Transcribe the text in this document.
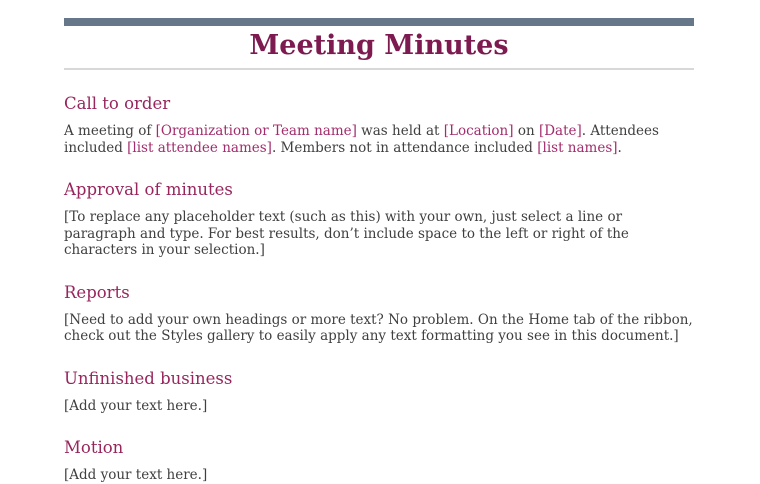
Meeting Minutes
Call to order

A meeting of [Organization or Team name] was held at [Location] on [Date]. Attendees included [list attendee names]. Members not in attendance included [list names].

Approval of minutes

[To replace any placeholder text (such as this) with your own, just select a line or paragraph and type. For best results, don’t include space to the left or right of the characters in your selection.]

Reports

[Need to add your own headings or more text? No problem. On the Home tab of the ribbon, check out the Styles gallery to easily apply any text formatting you see in this document.]

Unfinished business

[Add your text here.]

Motion

[Add your text here.]
